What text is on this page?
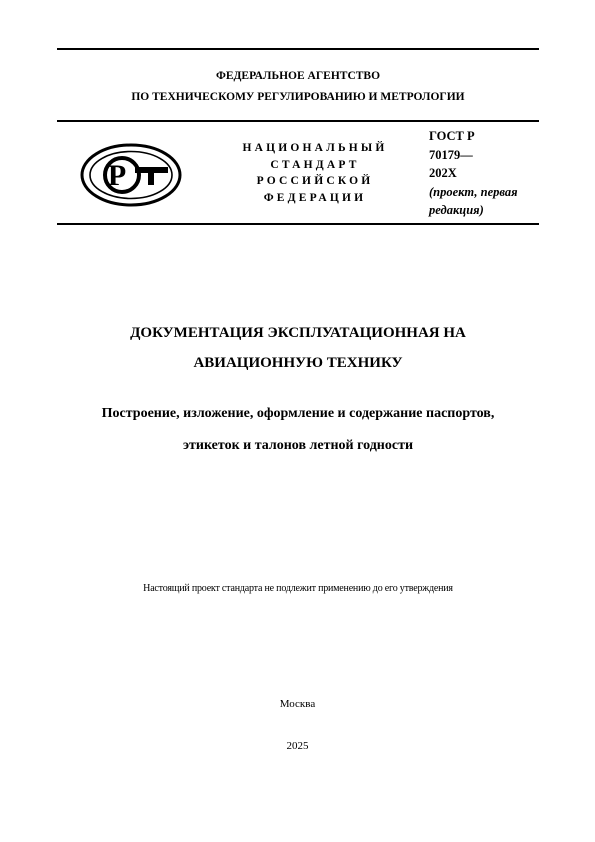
ФЕДЕРАЛЬНОЕ АГЕНТСТВО
ПО ТЕХНИЧЕСКОМУ РЕГУЛИРОВАНИЮ И МЕТРОЛОГИИ
Р
НАЦИОНАЛЬНЫЙ
СТАНДАРТ
РОССИЙСКОЙ
ФЕДЕРАЦИИ
ГОСТ Р
70179—
202X
(проект, первая
редакция)
ДОКУМЕНТАЦИЯ ЭКСПЛУАТАЦИОННАЯ НА
АВИАЦИОННУЮ ТЕХНИКУ
Построение, изложение, оформление и содержание паспортов,
этикеток и талонов летной годности
Настоящий проект стандарта не подлежит применению до его утверждения
Москва
2025
